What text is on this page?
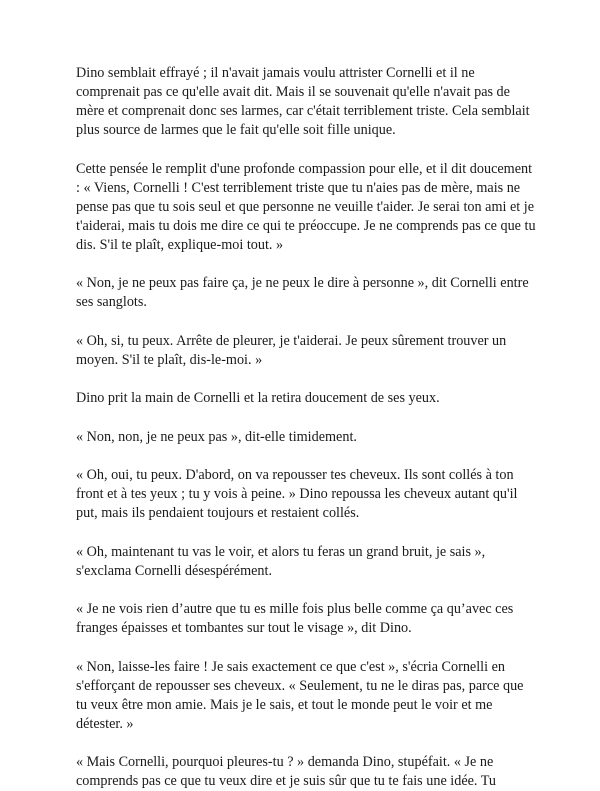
Dino semblait effrayé ; il n'avait jamais voulu attrister Cornelli et il ne comprenait pas ce qu'elle avait dit. Mais il se souvenait qu'elle n'avait pas de mère et comprenait donc ses larmes, car c'était terriblement triste. Cela semblait plus source de larmes que le fait qu'elle soit fille unique.

Cette pensée le remplit d'une profonde compassion pour elle, et il dit doucement : « Viens, Cornelli ! C'est terriblement triste que tu n'aies pas de mère, mais ne pense pas que tu sois seul et que personne ne veuille t'aider. Je serai ton ami et je t'aiderai, mais tu dois me dire ce qui te préoccupe. Je ne comprends pas ce que tu dis. S'il te plaît, explique-moi tout. »

« Non, je ne peux pas faire ça, je ne peux le dire à personne », dit Cornelli entre ses sanglots.

« Oh, si, tu peux. Arrête de pleurer, je t'aiderai. Je peux sûrement trouver un moyen. S'il te plaît, dis-le-moi. »

Dino prit la main de Cornelli et la retira doucement de ses yeux.

« Non, non, je ne peux pas », dit-elle timidement.

« Oh, oui, tu peux. D'abord, on va repousser tes cheveux. Ils sont collés à ton front et à tes yeux ; tu y vois à peine. » Dino repoussa les cheveux autant qu'il put, mais ils pendaient toujours et restaient collés.

« Oh, maintenant tu vas le voir, et alors tu feras un grand bruit, je sais », s'exclama Cornelli désespérément.

« Je ne vois rien d’autre que tu es mille fois plus belle comme ça qu’avec ces franges épaisses et tombantes sur tout le visage », dit Dino.

« Non, laisse-les faire ! Je sais exactement ce que c'est », s'écria Cornelli en s'efforçant de repousser ses cheveux. « Seulement, tu ne le diras pas, parce que tu veux être mon amie. Mais je le sais, et tout le monde peut le voir et me détester. »

« Mais Cornelli, pourquoi pleures-tu ? » demanda Dino, stupéfait. « Je ne comprends pas ce que tu veux dire et je suis sûr que tu te fais une idée. Tu
